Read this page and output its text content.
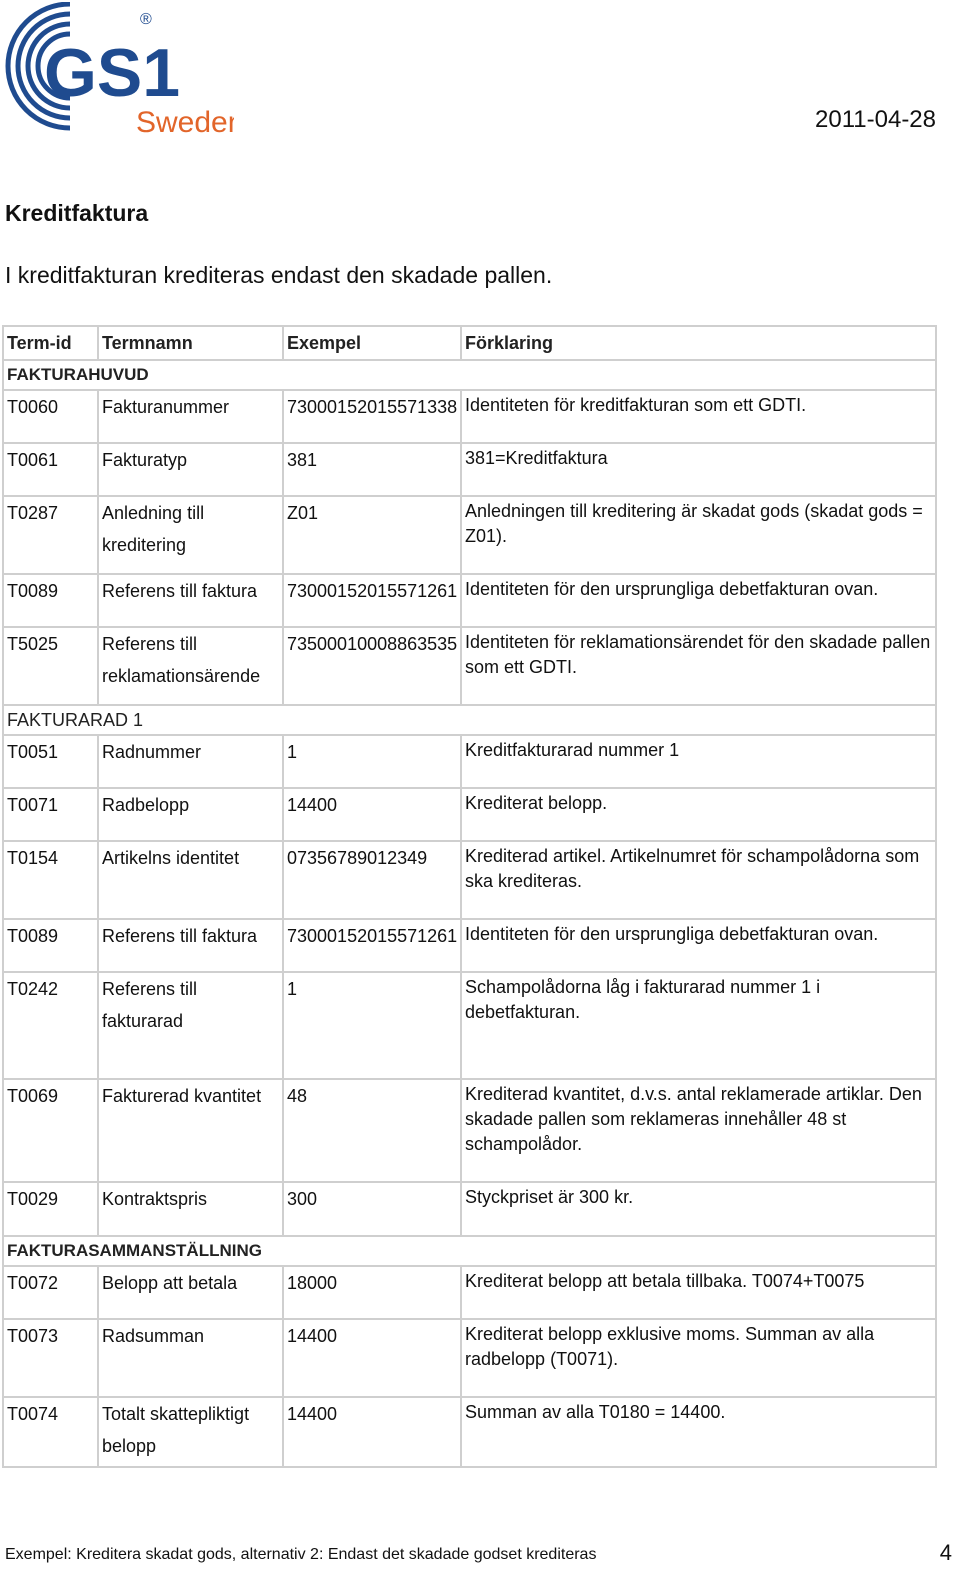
GS1
®
Sweden	2011-04-28
Kreditfaktura
I kreditfakturan krediteras endast den skadade pallen.
Term-id	Termnamn	Exempel	Förklaring
FAKTURAHUVUD			
T0060	Fakturanummer	73000152015571338	Identiteten för kreditfakturan som ett GDTI.
T0061	Fakturatyp	381	381=Kreditfaktura
T0287	Anledning till kreditering	Z01	Anledningen till kreditering är skadat gods (skadat gods = Z01).
T0089	Referens till faktura	73000152015571261	Identiteten för den ursprungliga debetfakturan ovan.
T5025	Referens till reklamationsärende	73500010008863535	Identiteten för reklamationsärendet för den skadade pallen som ett GDTI.
FAKTURARAD 1			
T0051	Radnummer	1	Kreditfakturarad nummer 1
T0071	Radbelopp	14400	Krediterat belopp.
T0154	Artikelns identitet	07356789012349	Krediterad artikel. Artikelnumret för schampolådorna som ska krediteras.
T0089	Referens till faktura	73000152015571261	Identiteten för den ursprungliga debetfakturan ovan.
T0242	Referens till fakturarad	1	Schampolådorna låg i fakturarad nummer 1 i debetfakturan.
T0069	Fakturerad kvantitet	48	Krediterad kvantitet, d.v.s. antal reklamerade artiklar. Den skadade pallen som reklameras innehåller 48 st schampolådor.
T0029	Kontraktspris	300	Styckpriset är 300 kr.
FAKTURASAMMANSTÄLLNING			
T0072	Belopp att betala	18000	Krediterat belopp att betala tillbaka. T0074+T0075
T0073	Radsumman	14400	Krediterat belopp exklusive moms. Summan av alla radbelopp (T0071).
T0074	Totalt skattepliktigt belopp	14400	Summan av alla T0180 = 14400.
Exempel: Kreditera skadat gods, alternativ 2: Endast det skadade godset krediteras	4
